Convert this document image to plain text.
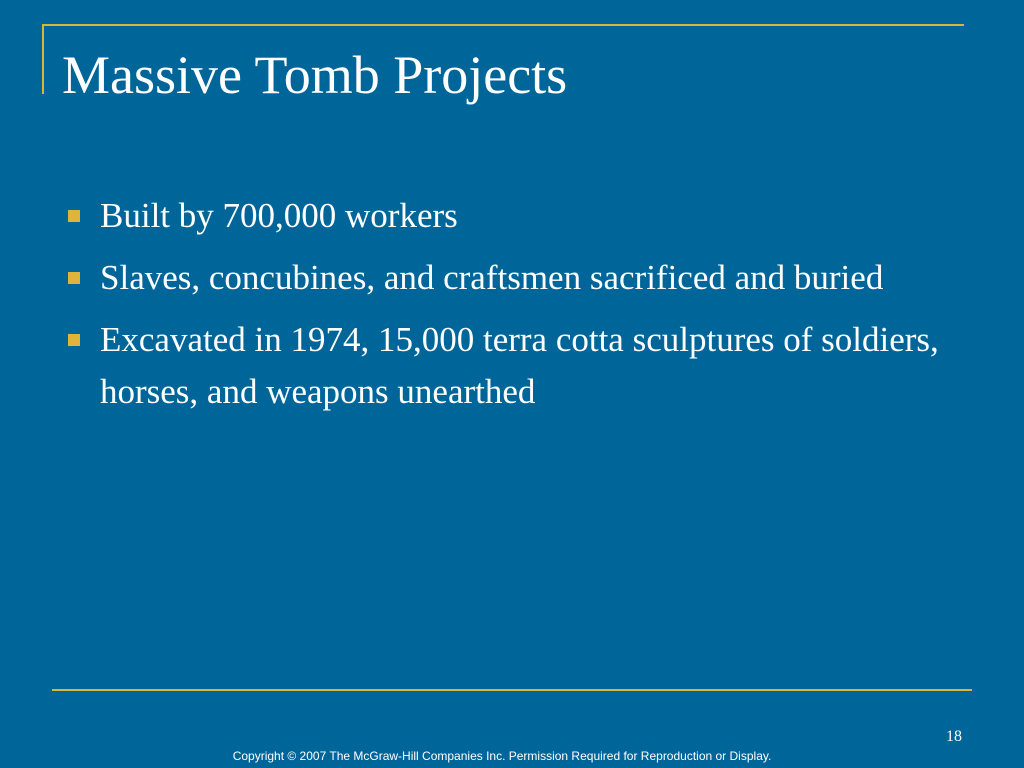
Massive Tomb Projects
Built by 700,000 workers
Slaves, concubines, and craftsmen sacrificed and buried
Excavated in 1974, 15,000 terra cotta sculptures of soldiers, horses, and weapons unearthed
18
Copyright © 2007 The McGraw-Hill Companies Inc. Permission Required for Reproduction or Display.
